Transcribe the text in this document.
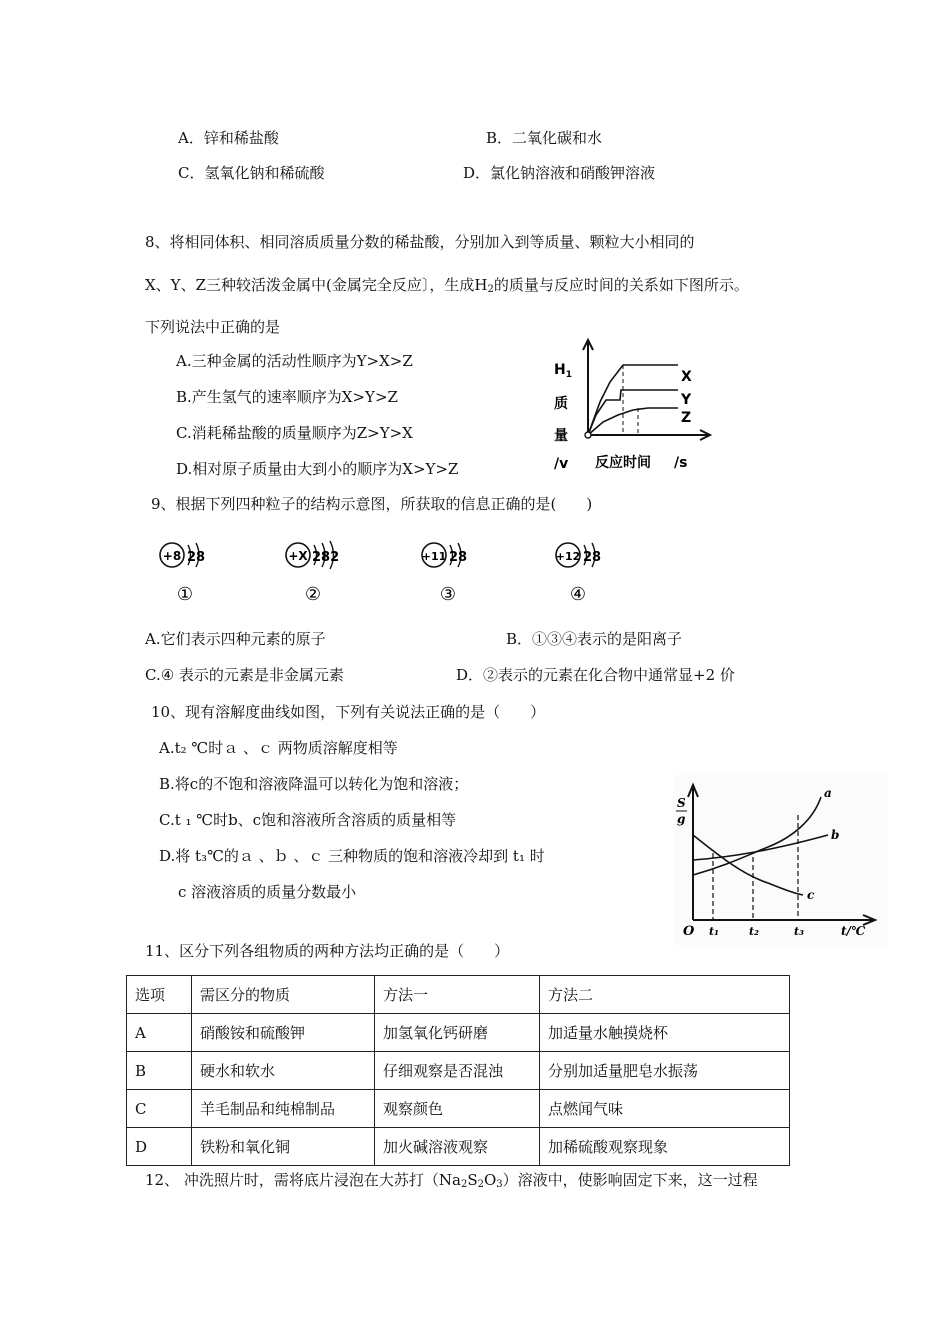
A．锌和稀盐酸	B．二氧化碳和水
C．氢氧化钠和稀硫酸	D．氯化钠溶液和硝酸钾溶液
8、将相同体积、相同溶质质量分数的稀盐酸，分别加入到等质量、颗粒大小相同的
X、Y、Z三种较活泼金属中(金属完全反应〕，生成$H_2$的质量与反应时间的关系如下图所示。
下列说法中正确的是
A.三种金属的活动性顺序为Y>X>Z
B.产生氢气的速率顺序为X>Y>Z
C.消耗稀盐酸的质量顺序为Z>Y>X
D.相对原子质量由大到小的顺序为X>Y>Z
$H_1$
质
量
/v 反应时间 /s
X
Y
Z
9、根据下列四种粒子的结构示意图，所获取的信息正确的是(　　)
+8 28
①
+X 282
②
+11 28
③
+12 28
④
A.它们表示四种元素的原子	B．①③④表示的是阳离子
C.④ 表示的元素是非金属元素	D．②表示的元素在化合物中通常显+2 价
10、现有溶解度曲线如图，下列有关说法正确的是（　　）
A.t₂ ℃时ａ 、ｃ 两物质溶解度相等
B.将c的不饱和溶液降温可以转化为饱和溶液；
C.t ₁ ℃时b、c饱和溶液所含溶质的质量相等
D.将 t₃℃的ａ 、ｂ 、ｃ 三种物质的饱和溶液冷却到 t₁ 时
c 溶液溶质的质量分数最小
S
g
O t₁	t₂	t₃	t/℃
a
b
c
11、区分下列各组物质的两种方法均正确的是（　　）
选项	需区分的物质	方法一	方法二
A	硝酸铵和硫酸钾	加氢氧化钙研磨	加适量水触摸烧杯
B	硬水和软水	仔细观察是否混浊	分别加适量肥皂水振荡
C	羊毛制品和纯棉制品	观察颜色	点燃闻气味
D	铁粉和氧化铜	加火碱溶液观察	加稀硫酸观察现象
12、 冲洗照片时，需将底片浸泡在大苏打$(Na_2S_2O_3)$溶液中，使影响固定下来，这一过程
